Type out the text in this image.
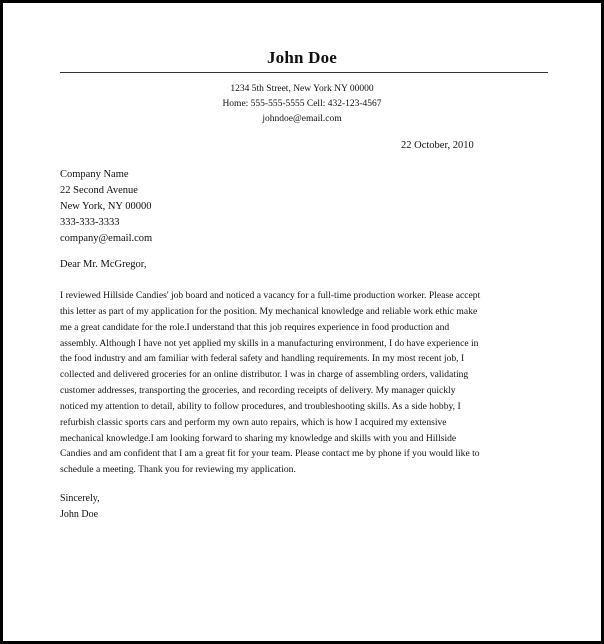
John Doe
1234 5th Street, New York NY 00000
Home: 555-555-5555 Cell: 432-123-4567
johndoe@email.com
22 October, 2010
Company Name
22 Second Avenue
New York, NY 00000
333-333-3333
company@email.com
Dear Mr. McGregor,
I reviewed Hillside Candies' job board and noticed a vacancy for a full-time production worker. Please accept
this letter as part of my application for the position. My mechanical knowledge and reliable work ethic make
me a great candidate for the role.I understand that this job requires experience in food production and
assembly. Although I have not yet applied my skills in a manufacturing environment, I do have experience in
the food industry and am familiar with federal safety and handling requirements. In my most recent job, I
collected and delivered groceries for an online distributor. I was in charge of assembling orders, validating
customer addresses, transporting the groceries, and recording receipts of delivery. My manager quickly
noticed my attention to detail, ability to follow procedures, and troubleshooting skills. As a side hobby, I
refurbish classic sports cars and perform my own auto repairs, which is how I acquired my extensive
mechanical knowledge.I am looking forward to sharing my knowledge and skills with you and Hillside
Candies and am confident that I am a great fit for your team. Please contact me by phone if you would like to
schedule a meeting. Thank you for reviewing my application.
Sincerely,
John Doe
